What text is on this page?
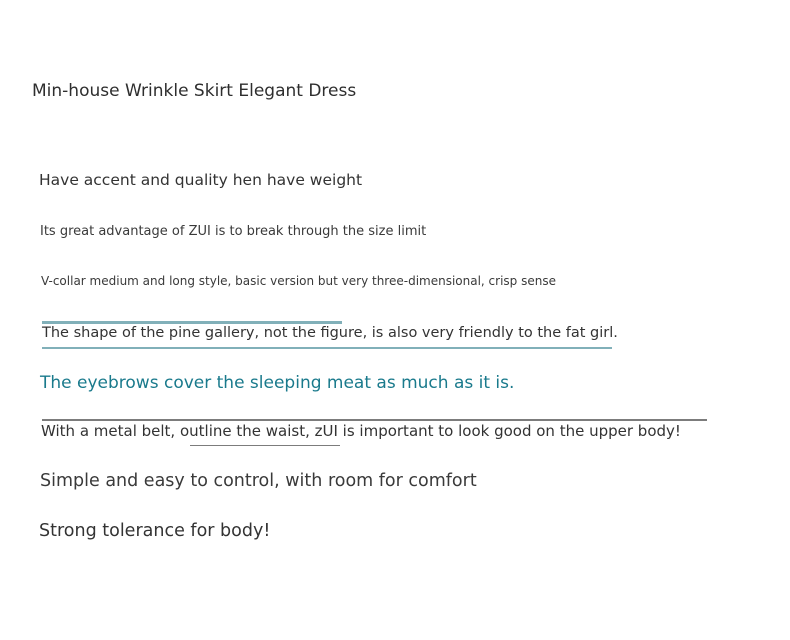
Min-house Wrinkle Skirt Elegant Dress
Have accent and quality hen have weight
Its great advantage of ZUI is to break through the size limit
V-collar medium and long style, basic version but very three-dimensional, crisp sense
The shape of the pine gallery, not the figure, is also very friendly to the fat girl.
The eyebrows cover the sleeping meat as much as it is.
With a metal belt, outline the waist, zUI is important to look good on the upper body!
Simple and easy to control, with room for comfort
Strong tolerance for body!
